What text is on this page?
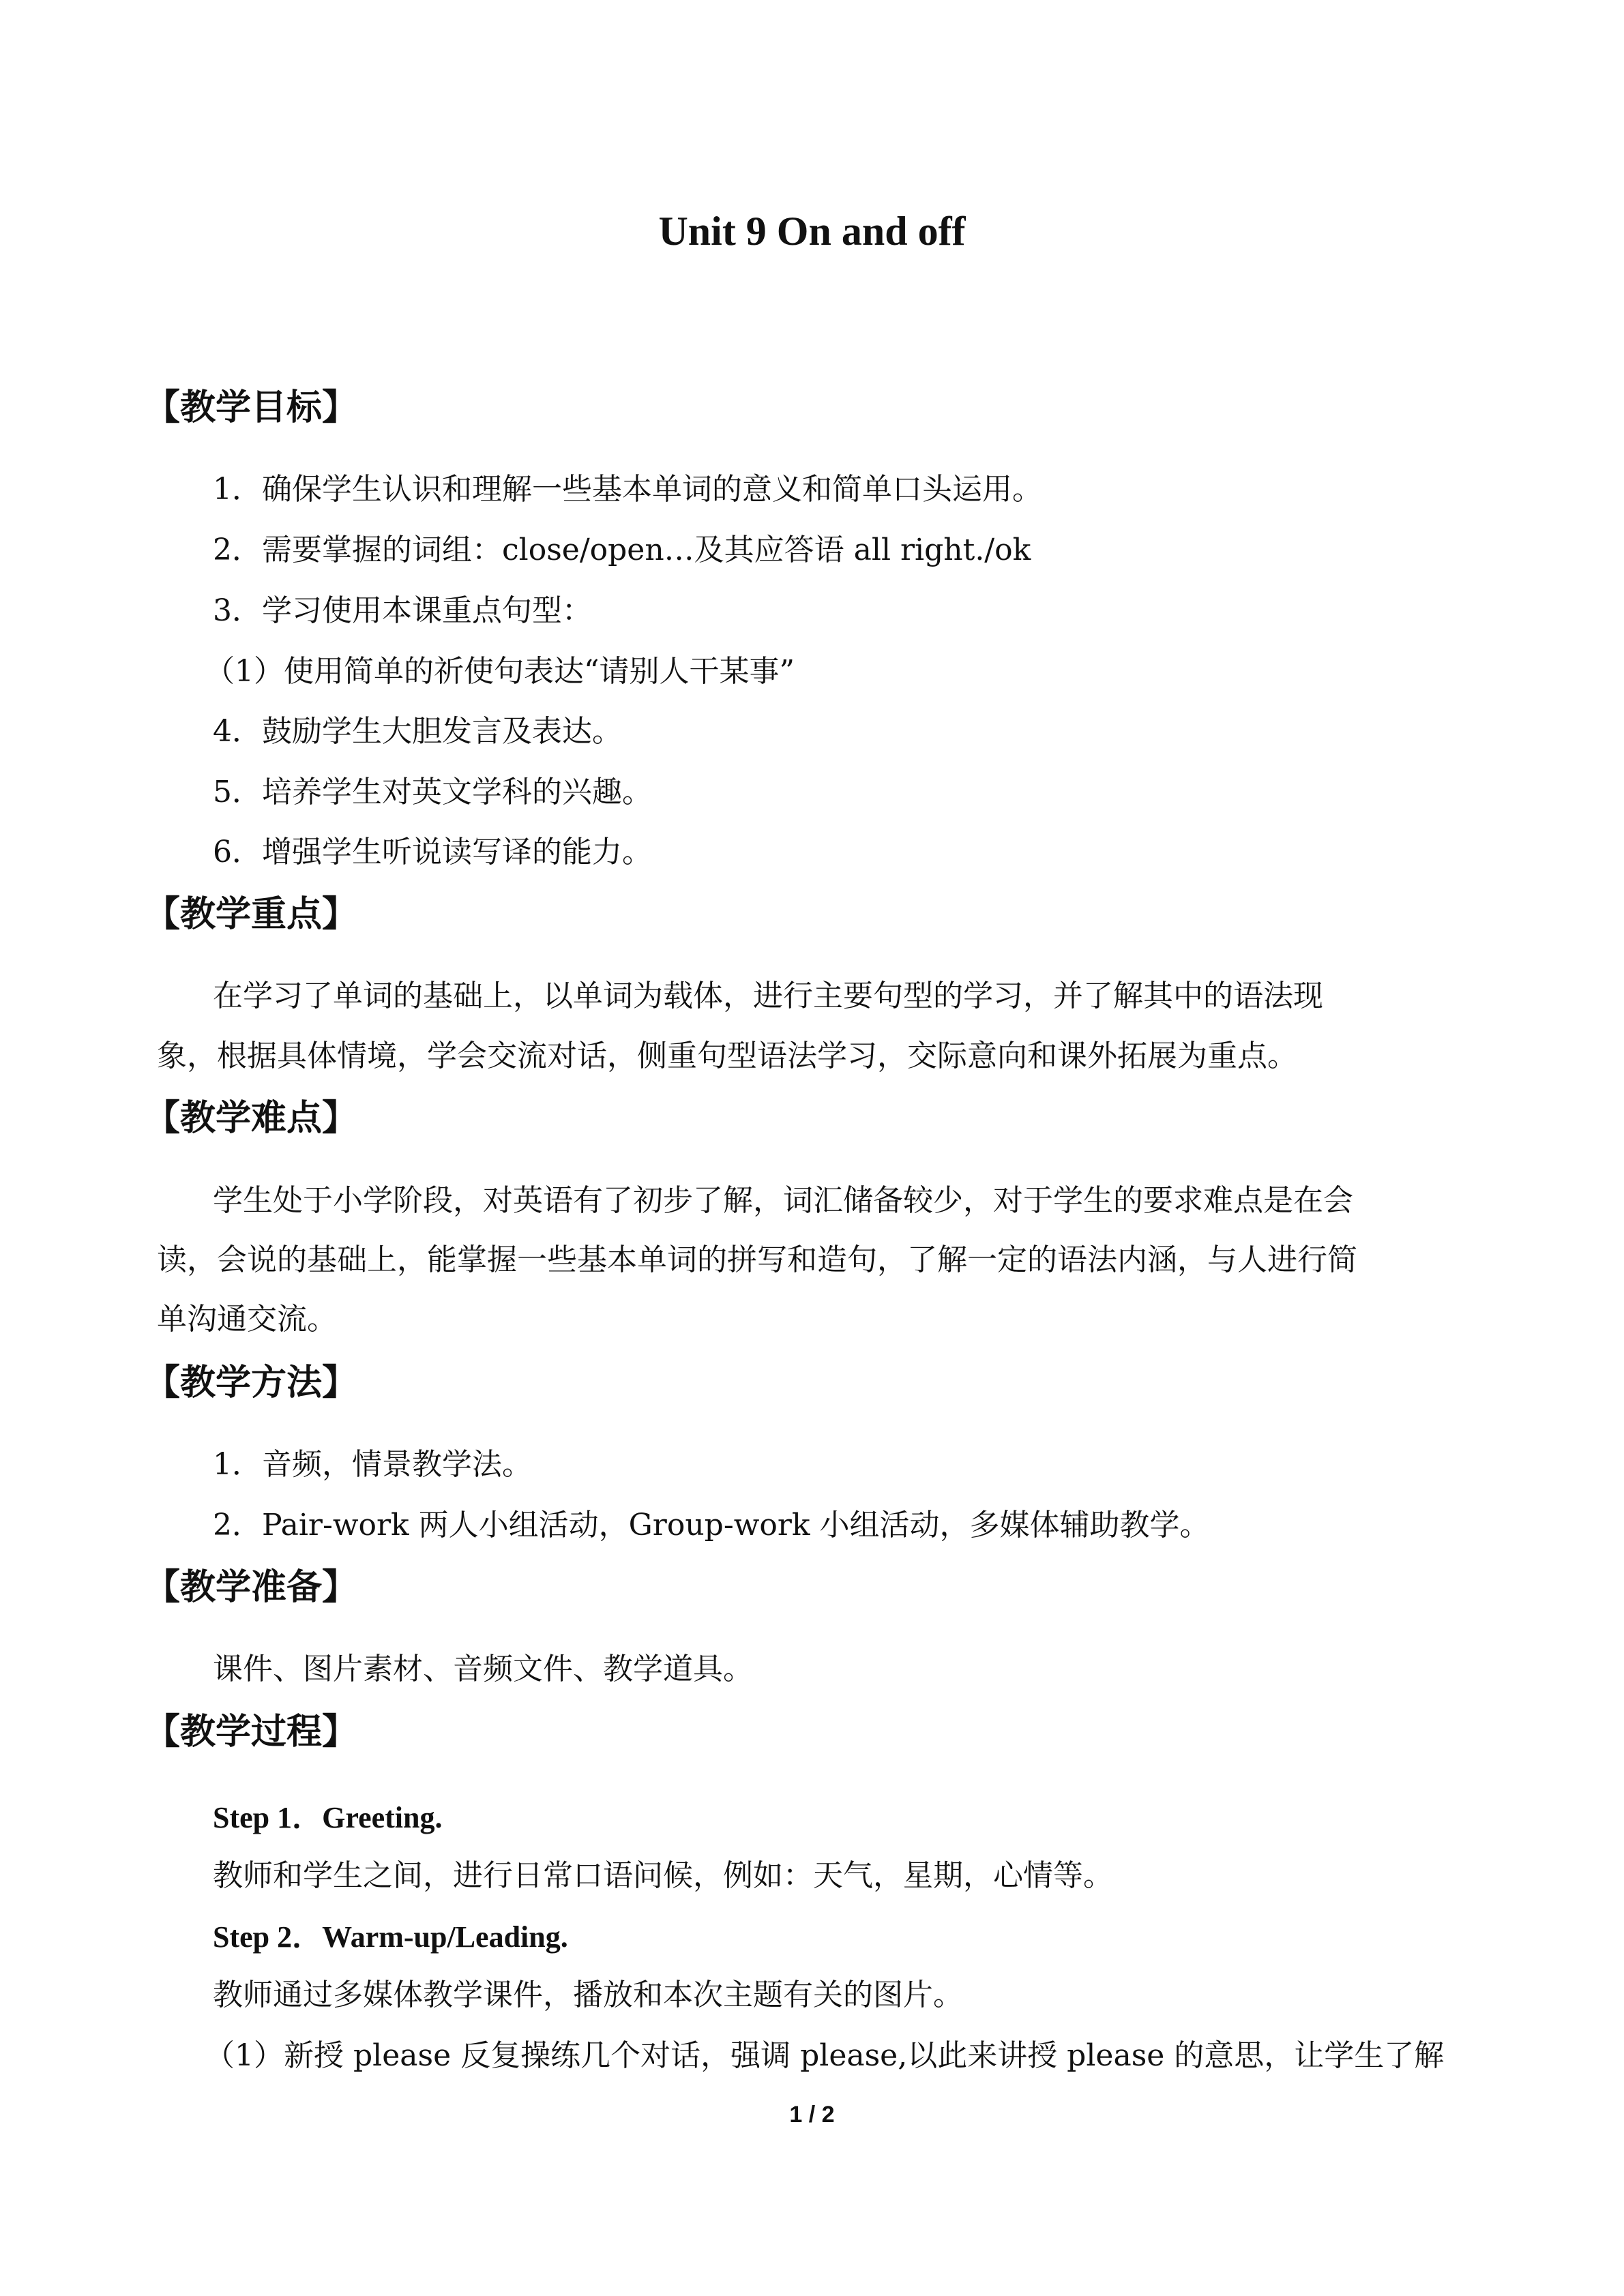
Unit 9 On and off
【教学目标】
1．确保学生认识和理解一些基本单词的意义和简单口头运用。
2．需要掌握的词组：close/open…及其应答语 all right./ok
3．学习使用本课重点句型：
（1）使用简单的祈使句表达“请别人干某事”
4．鼓励学生大胆发言及表达。
5．培养学生对英文学科的兴趣。
6．增强学生听说读写译的能力。
【教学重点】
在学习了单词的基础上，以单词为载体，进行主要句型的学习，并了解其中的语法现
象，根据具体情境，学会交流对话，侧重句型语法学习，交际意向和课外拓展为重点。
【教学难点】
学生处于小学阶段，对英语有了初步了解，词汇储备较少，对于学生的要求难点是在会
读，会说的基础上，能掌握一些基本单词的拼写和造句，了解一定的语法内涵，与人进行简
单沟通交流。
【教学方法】
1．音频，情景教学法。
2．Pair-work 两人小组活动，Group-work 小组活动，多媒体辅助教学。
【教学准备】
课件、图片素材、音频文件、教学道具。
【教学过程】
Step 1．Greeting.
教师和学生之间，进行日常口语问候，例如：天气，星期，心情等。
Step 2．Warm-up/Leading.
教师通过多媒体教学课件，播放和本次主题有关的图片。
（1）新授 please 反复操练几个对话，强调 please,以此来讲授 please 的意思，让学生了解
1 / 2
